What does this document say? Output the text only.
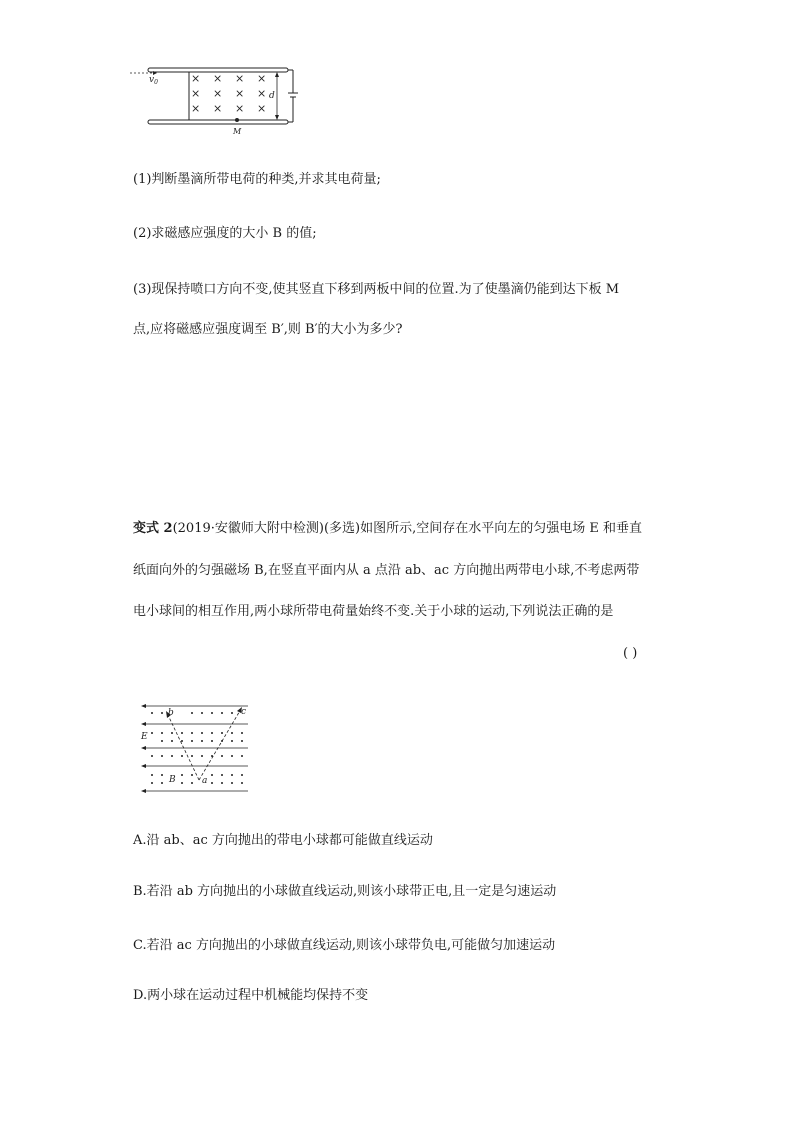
× × × ×
× × × ×
× × × ×
$v_0$
d
M
(1)判断墨滴所带电荷的种类,并求其电荷量;
(2)求磁感应强度的大小 B 的值;
(3)现保持喷口方向不变,使其竖直下移到两板中间的位置.为了使墨滴仍能到达下板 M
点,应将磁感应强度调至 B′,则 B′的大小为多少?
变式 2(2019·安徽师大附中检测)(多选)如图所示,空间存在水平向左的匀强电场 E 和垂直
纸面向外的匀强磁场 B,在竖直平面内从 a 点沿 ab、ac 方向抛出两带电小球,不考虑两带
电小球间的相互作用,两小球所带电荷量始终不变.关于小球的运动,下列说法正确的是
( )
b	c
E
B	a
A.沿 ab、ac 方向抛出的带电小球都可能做直线运动
B.若沿 ab 方向抛出的小球做直线运动,则该小球带正电,且一定是匀速运动
C.若沿 ac 方向抛出的小球做直线运动,则该小球带负电,可能做匀加速运动
D.两小球在运动过程中机械能均保持不变
